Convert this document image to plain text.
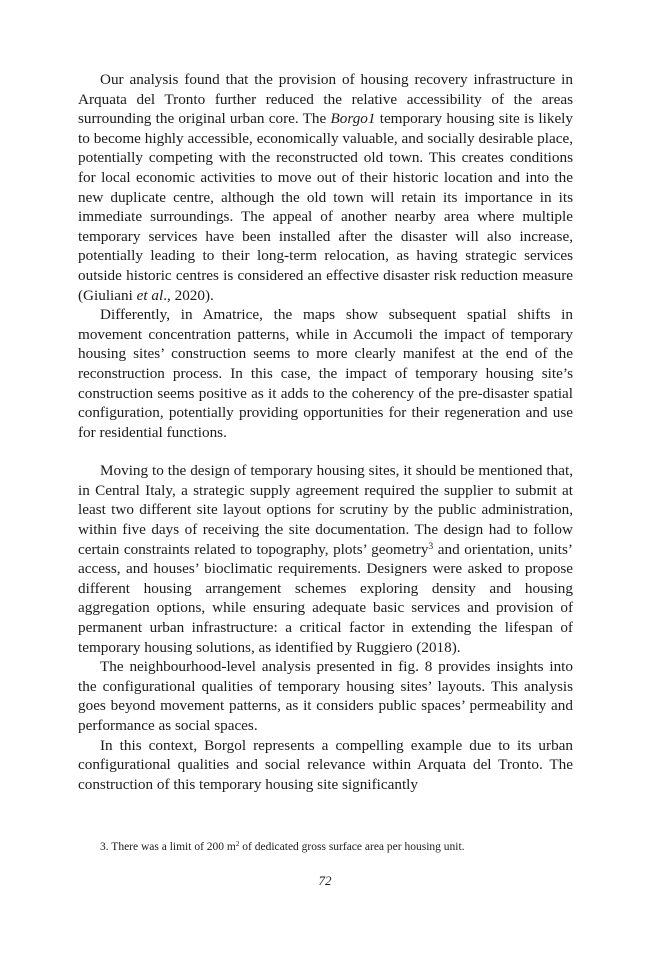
Our analysis found that the provision of housing recovery infrastructure in Arquata del Tronto further reduced the relative accessibility of the areas surrounding the original urban core. The Borgo1 temporary housing site is likely to become highly accessible, economically valuable, and socially desirable place, potentially competing with the reconstructed old town. This creates conditions for local economic activities to move out of their historic location and into the new duplicate centre, although the old town will retain its importance in its immediate surroundings. The appeal of another nearby area where multiple temporary services have been installed after the disaster will also increase, potentially leading to their long-term relocation, as having strategic services outside historic centres is considered an effective disaster risk reduction measure (Giuliani et al., 2020).

Differently, in Amatrice, the maps show subsequent spatial shifts in movement concentration patterns, while in Accumoli the impact of temporary housing sites’ construction seems to more clearly manifest at the end of the reconstruction process. In this case, the impact of temporary housing site’s construction seems positive as it adds to the coherency of the pre-disaster spatial configuration, potentially providing opportunities for their regeneration and use for residential functions.

Moving to the design of temporary housing sites, it should be mentioned that, in Central Italy, a strategic supply agreement required the supplier to submit at least two different site layout options for scrutiny by the public administration, within five days of receiving the site documentation. The design had to follow certain constraints related to topography, plots’ geometry$^3$ and orientation, units’ access, and houses’ bioclimatic requirements. Designers were asked to propose different housing arrangement schemes exploring density and housing aggregation options, while ensuring adequate basic services and provision of permanent urban infrastructure: a critical factor in extending the lifespan of temporary housing solutions, as identified by Ruggiero (2018).

The neighbourhood-level analysis presented in fig. 8 provides insights into the configurational qualities of temporary housing sites’ layouts. This analysis goes beyond movement patterns, as it considers public spaces’ permeability and performance as social spaces.

In this context, Borgol represents a compelling example due to its urban configurational qualities and social relevance within Arquata del Tronto. The construction of this temporary housing site significantly

3. There was a limit of 200 $m^2$ of dedicated gross surface area per housing unit.
72
